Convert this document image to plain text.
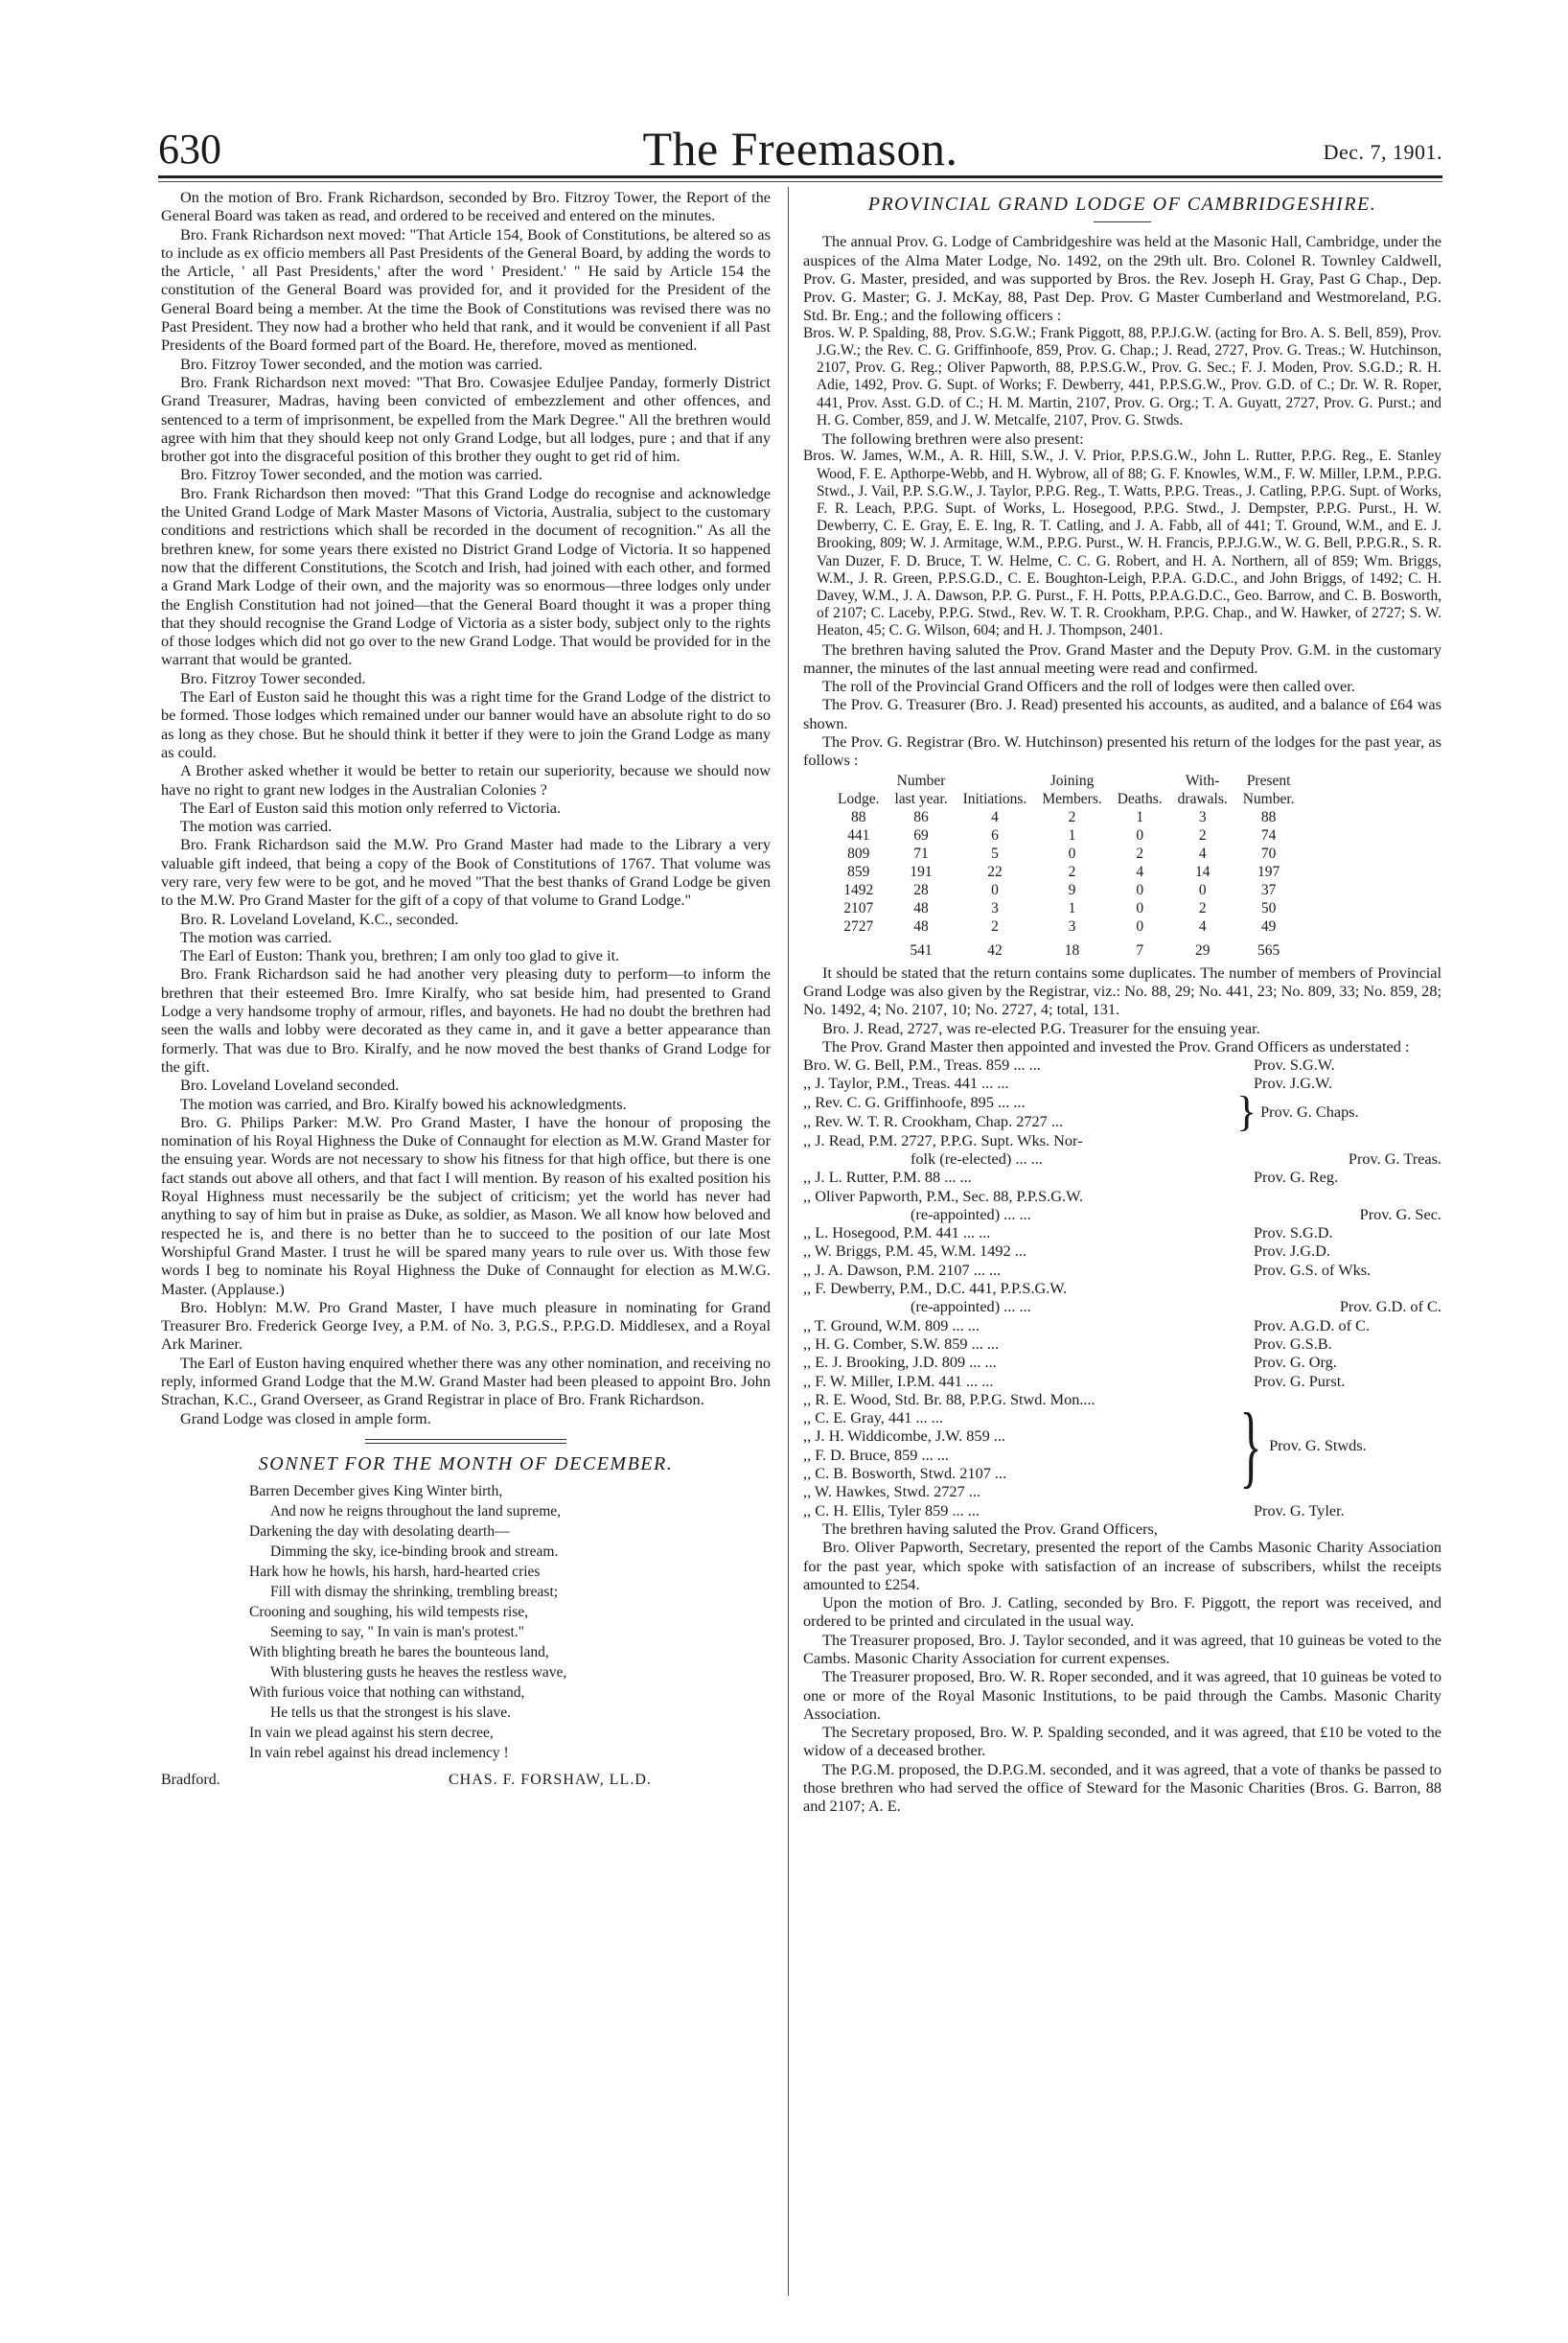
630	The Freemason.	Dec. 7, 1901.

On the motion of Bro. Frank Richardson, seconded by Bro. Fitzroy Tower, the Report of the General Board was taken as read, and ordered to be received and entered on the minutes.

Bro. Frank Richardson next moved: "That Article 154, Book of Constitutions, be altered so as to include as ex officio members all Past Presidents of the General Board, by adding the words to the Article, ' all Past Presidents,' after the word ' President.' " He said by Article 154 the constitution of the General Board was provided for, and it provided for the President of the General Board being a member. At the time the Book of Constitutions was revised there was no Past President. They now had a brother who held that rank, and it would be convenient if all Past Presidents of the Board formed part of the Board. He, therefore, moved as mentioned.

Bro. Fitzroy Tower seconded, and the motion was carried.

Bro. Frank Richardson next moved: "That Bro. Cowasjee Eduljee Panday, formerly District Grand Treasurer, Madras, having been convicted of embezzlement and other offences, and sentenced to a term of imprisonment, be expelled from the Mark Degree." All the brethren would agree with him that they should keep not only Grand Lodge, but all lodges, pure ; and that if any brother got into the disgraceful position of this brother they ought to get rid of him.

Bro. Fitzroy Tower seconded, and the motion was carried.

Bro. Frank Richardson then moved: "That this Grand Lodge do recognise and acknowledge the United Grand Lodge of Mark Master Masons of Victoria, Australia, subject to the customary conditions and restrictions which shall be recorded in the document of recognition." As all the brethren knew, for some years there existed no District Grand Lodge of Victoria. It so happened now that the different Constitutions, the Scotch and Irish, had joined with each other, and formed a Grand Mark Lodge of their own, and the majority was so enormous—three lodges only under the English Constitution had not joined—that the General Board thought it was a proper thing that they should recognise the Grand Lodge of Victoria as a sister body, subject only to the rights of those lodges which did not go over to the new Grand Lodge. That would be provided for in the warrant that would be granted.

Bro. Fitzroy Tower seconded.

The Earl of Euston said he thought this was a right time for the Grand Lodge of the district to be formed. Those lodges which remained under our banner would have an absolute right to do so as long as they chose. But he should think it better if they were to join the Grand Lodge as many as could.

A Brother asked whether it would be better to retain our superiority, because we should now have no right to grant new lodges in the Australian Colonies ?

The Earl of Euston said this motion only referred to Victoria.

The motion was carried.

Bro. Frank Richardson said the M.W. Pro Grand Master had made to the Library a very valuable gift indeed, that being a copy of the Book of Constitutions of 1767. That volume was very rare, very few were to be got, and he moved "That the best thanks of Grand Lodge be given to the M.W. Pro Grand Master for the gift of a copy of that volume to Grand Lodge."

Bro. R. Loveland Loveland, K.C., seconded.

The motion was carried.

The Earl of Euston: Thank you, brethren; I am only too glad to give it.

Bro. Frank Richardson said he had another very pleasing duty to perform—to inform the brethren that their esteemed Bro. Imre Kiralfy, who sat beside him, had presented to Grand Lodge a very handsome trophy of armour, rifles, and bayonets. He had no doubt the brethren had seen the walls and lobby were decorated as they came in, and it gave a better appearance than formerly. That was due to Bro. Kiralfy, and he now moved the best thanks of Grand Lodge for the gift.

Bro. Loveland Loveland seconded.

The motion was carried, and Bro. Kiralfy bowed his acknowledgments.

Bro. G. Philips Parker: M.W. Pro Grand Master, I have the honour of proposing the nomination of his Royal Highness the Duke of Connaught for election as M.W. Grand Master for the ensuing year. Words are not necessary to show his fitness for that high office, but there is one fact stands out above all others, and that fact I will mention. By reason of his exalted position his Royal Highness must necessarily be the subject of criticism; yet the world has never had anything to say of him but in praise as Duke, as soldier, as Mason. We all know how beloved and respected he is, and there is no better than he to succeed to the position of our late Most Worshipful Grand Master. I trust he will be spared many years to rule over us. With those few words I beg to nominate his Royal Highness the Duke of Connaught for election as M.W.G. Master. (Applause.)

Bro. Hoblyn: M.W. Pro Grand Master, I have much pleasure in nominating for Grand Treasurer Bro. Frederick George Ivey, a P.M. of No. 3, P.G.S., P.P.G.D. Middlesex, and a Royal Ark Mariner.

The Earl of Euston having enquired whether there was any other nomination, and receiving no reply, informed Grand Lodge that the M.W. Grand Master had been pleased to appoint Bro. John Strachan, K.C., Grand Overseer, as Grand Registrar in place of Bro. Frank Richardson.

Grand Lodge was closed in ample form.

SONNET FOR THE MONTH OF DECEMBER.
Barren December gives King Winter birth,
And now he reigns throughout the land supreme,
Darkening the day with desolating dearth—
Dimming the sky, ice-binding brook and stream.
Hark how he howls, his harsh, hard-hearted cries
Fill with dismay the shrinking, trembling breast;
Crooning and soughing, his wild tempests rise,
Seeming to say, " In vain is man's protest."
With blighting breath he bares the bounteous land,
With blustering gusts he heaves the restless wave,
With furious voice that nothing can withstand,
He tells us that the strongest is his slave.
In vain we plead against his stern decree,
In vain rebel against his dread inclemency !
Bradford.	CHAS. F. FORSHAW, LL.D.
PROVINCIAL GRAND LODGE OF CAMBRIDGESHIRE.

The annual Prov. G. Lodge of Cambridgeshire was held at the Masonic Hall, Cambridge, under the auspices of the Alma Mater Lodge, No. 1492, on the 29th ult. Bro. Colonel R. Townley Caldwell, Prov. G. Master, presided, and was supported by Bros. the Rev. Joseph H. Gray, Past G Chap., Dep. Prov. G. Master; G. J. McKay, 88, Past Dep. Prov. G Master Cumberland and Westmoreland, P.G. Std. Br. Eng.; and the following officers :

Bros. W. P. Spalding, 88, Prov. S.G.W.; Frank Piggott, 88, P.P.J.G.W. (acting for Bro. A. S. Bell, 859), Prov. J.G.W.; the Rev. C. G. Griffinhoofe, 859, Prov. G. Chap.; J. Read, 2727, Prov. G. Treas.; W. Hutchinson, 2107, Prov. G. Reg.; Oliver Papworth, 88, P.P.S.G.W., Prov. G. Sec.; F. J. Moden, Prov. S.G.D.; R. H. Adie, 1492, Prov. G. Supt. of Works; F. Dewberry, 441, P.P.S.G.W., Prov. G.D. of C.; Dr. W. R. Roper, 441, Prov. Asst. G.D. of C.; H. M. Martin, 2107, Prov. G. Org.; T. A. Guyatt, 2727, Prov. G. Purst.; and H. G. Comber, 859, and J. W. Metcalfe, 2107, Prov. G. Stwds.

The following brethren were also present:

Bros. W. James, W.M., A. R. Hill, S.W., J. V. Prior, P.P.S.G.W., John L. Rutter, P.P.G. Reg., E. Stanley Wood, F. E. Apthorpe-Webb, and H. Wybrow, all of 88; G. F. Knowles, W.M., F. W. Miller, I.P.M., P.P.G. Stwd., J. Vail, P.P. S.G.W., J. Taylor, P.P.G. Reg., T. Watts, P.P.G. Treas., J. Catling, P.P.G. Supt. of Works, F. R. Leach, P.P.G. Supt. of Works, L. Hosegood, P.P.G. Stwd., J. Dempster, P.P.G. Purst., H. W. Dewberry, C. E. Gray, E. E. Ing, R. T. Catling, and J. A. Fabb, all of 441; T. Ground, W.M., and E. J. Brooking, 809; W. J. Armitage, W.M., P.P.G. Purst., W. H. Francis, P.P.J.G.W., W. G. Bell, P.P.G.R., S. R. Van Duzer, F. D. Bruce, T. W. Helme, C. C. G. Robert, and H. A. Northern, all of 859; Wm. Briggs, W.M., J. R. Green, P.P.S.G.D., C. E. Boughton-Leigh, P.P.A. G.D.C., and John Briggs, of 1492; C. H. Davey, W.M., J. A. Dawson, P.P. G. Purst., F. H. Potts, P.P.A.G.D.C., Geo. Barrow, and C. B. Bosworth, of 2107; C. Laceby, P.P.G. Stwd., Rev. W. T. R. Crookham, P.P.G. Chap., and W. Hawker, of 2727; S. W. Heaton, 45; C. G. Wilson, 604; and H. J. Thompson, 2401.

The brethren having saluted the Prov. Grand Master and the Deputy Prov. G.M. in the customary manner, the minutes of the last annual meeting were read and confirmed.

The roll of the Provincial Grand Officers and the roll of lodges were then called over.

The Prov. G. Treasurer (Bro. J. Read) presented his accounts, as audited, and a balance of £64 was shown.

The Prov. G. Registrar (Bro. W. Hutchinson) presented his return of the lodges for the past year, as follows :

	Number		Joining		With-	Present
Lodge.	last year.	Initiations.	Members.	Deaths.	drawals.	Number.
88	86	4	2	1	3	88
441	69	6	1	0	2	74
809	71	5	0	2	4	70
859	191	22	2	4	14	197
1492	28	0	9	0	0	37
2107	48	3	1	0	2	50
2727	48	2	3	0	4	49
	541	42	18	7	29	565

It should be stated that the return contains some duplicates. The number of members of Provincial Grand Lodge was also given by the Registrar, viz.: No. 88, 29; No. 441, 23; No. 809, 33; No. 859, 28; No. 1492, 4; No. 2107, 10; No. 2727, 4; total, 131.

Bro. J. Read, 2727, was re-elected P.G. Treasurer for the ensuing year.

The Prov. Grand Master then appointed and invested the Prov. Grand Officers as understated :

Bro. W. G. Bell, P.M., Treas. 859 ... ...	Prov. S.G.W.
,, J. Taylor, P.M., Treas. 441 ... ...	Prov. J.G.W.
,, Rev. C. G. Griffinhoofe, 895 ... ...
,, Rev. W. T. R. Crookham, Chap. 2727 ...	} Prov. G. Chaps.
,, J. Read, P.M. 2727, P.P.G. Supt. Wks. Nor-
folk (re-elected) ... ...	Prov. G. Treas.
,, J. L. Rutter, P.M. 88 ... ...	Prov. G. Reg.
,, Oliver Papworth, P.M., Sec. 88, P.P.S.G.W.
(re-appointed) ... ...	Prov. G. Sec.
,, L. Hosegood, P.M. 441 ... ...	Prov. S.G.D.
,, W. Briggs, P.M. 45, W.M. 1492 ...	Prov. J.G.D.
,, J. A. Dawson, P.M. 2107 ... ...	Prov. G.S. of Wks.
,, F. Dewberry, P.M., D.C. 441, P.P.S.G.W.
(re-appointed) ... ...	Prov. G.D. of C.
,, T. Ground, W.M. 809 ... ...	Prov. A.G.D. of C.
,, H. G. Comber, S.W. 859 ... ...	Prov. G.S.B.
,, E. J. Brooking, J.D. 809 ... ...	Prov. G. Org.
,, F. W. Miller, I.P.M. 441 ... ...	Prov. G. Purst.
,, R. E. Wood, Std. Br. 88, P.P.G. Stwd. Mon....
,, C. E. Gray, 441 ... ...
,, J. H. Widdicombe, J.W. 859 ...
,, F. D. Bruce, 859 ... ...
,, C. B. Bosworth, Stwd. 2107 ...
,, W. Hawkes, Stwd. 2727 ...	} Prov. G. Stwds.
,, C. H. Ellis, Tyler 859 ... ...	Prov. G. Tyler.

The brethren having saluted the Prov. Grand Officers,

Bro. Oliver Papworth, Secretary, presented the report of the Cambs Masonic Charity Association for the past year, which spoke with satisfaction of an increase of subscribers, whilst the receipts amounted to £254.

Upon the motion of Bro. J. Catling, seconded by Bro. F. Piggott, the report was received, and ordered to be printed and circulated in the usual way.

The Treasurer proposed, Bro. J. Taylor seconded, and it was agreed, that 10 guineas be voted to the Cambs. Masonic Charity Association for current expenses.

The Treasurer proposed, Bro. W. R. Roper seconded, and it was agreed, that 10 guineas be voted to one or more of the Royal Masonic Institutions, to be paid through the Cambs. Masonic Charity Association.

The Secretary proposed, Bro. W. P. Spalding seconded, and it was agreed, that £10 be voted to the widow of a deceased brother.

The P.G.M. proposed, the D.P.G.M. seconded, and it was agreed, that a vote of thanks be passed to those brethren who had served the office of Steward for the Masonic Charities (Bros. G. Barron, 88 and 2107; A. E.
